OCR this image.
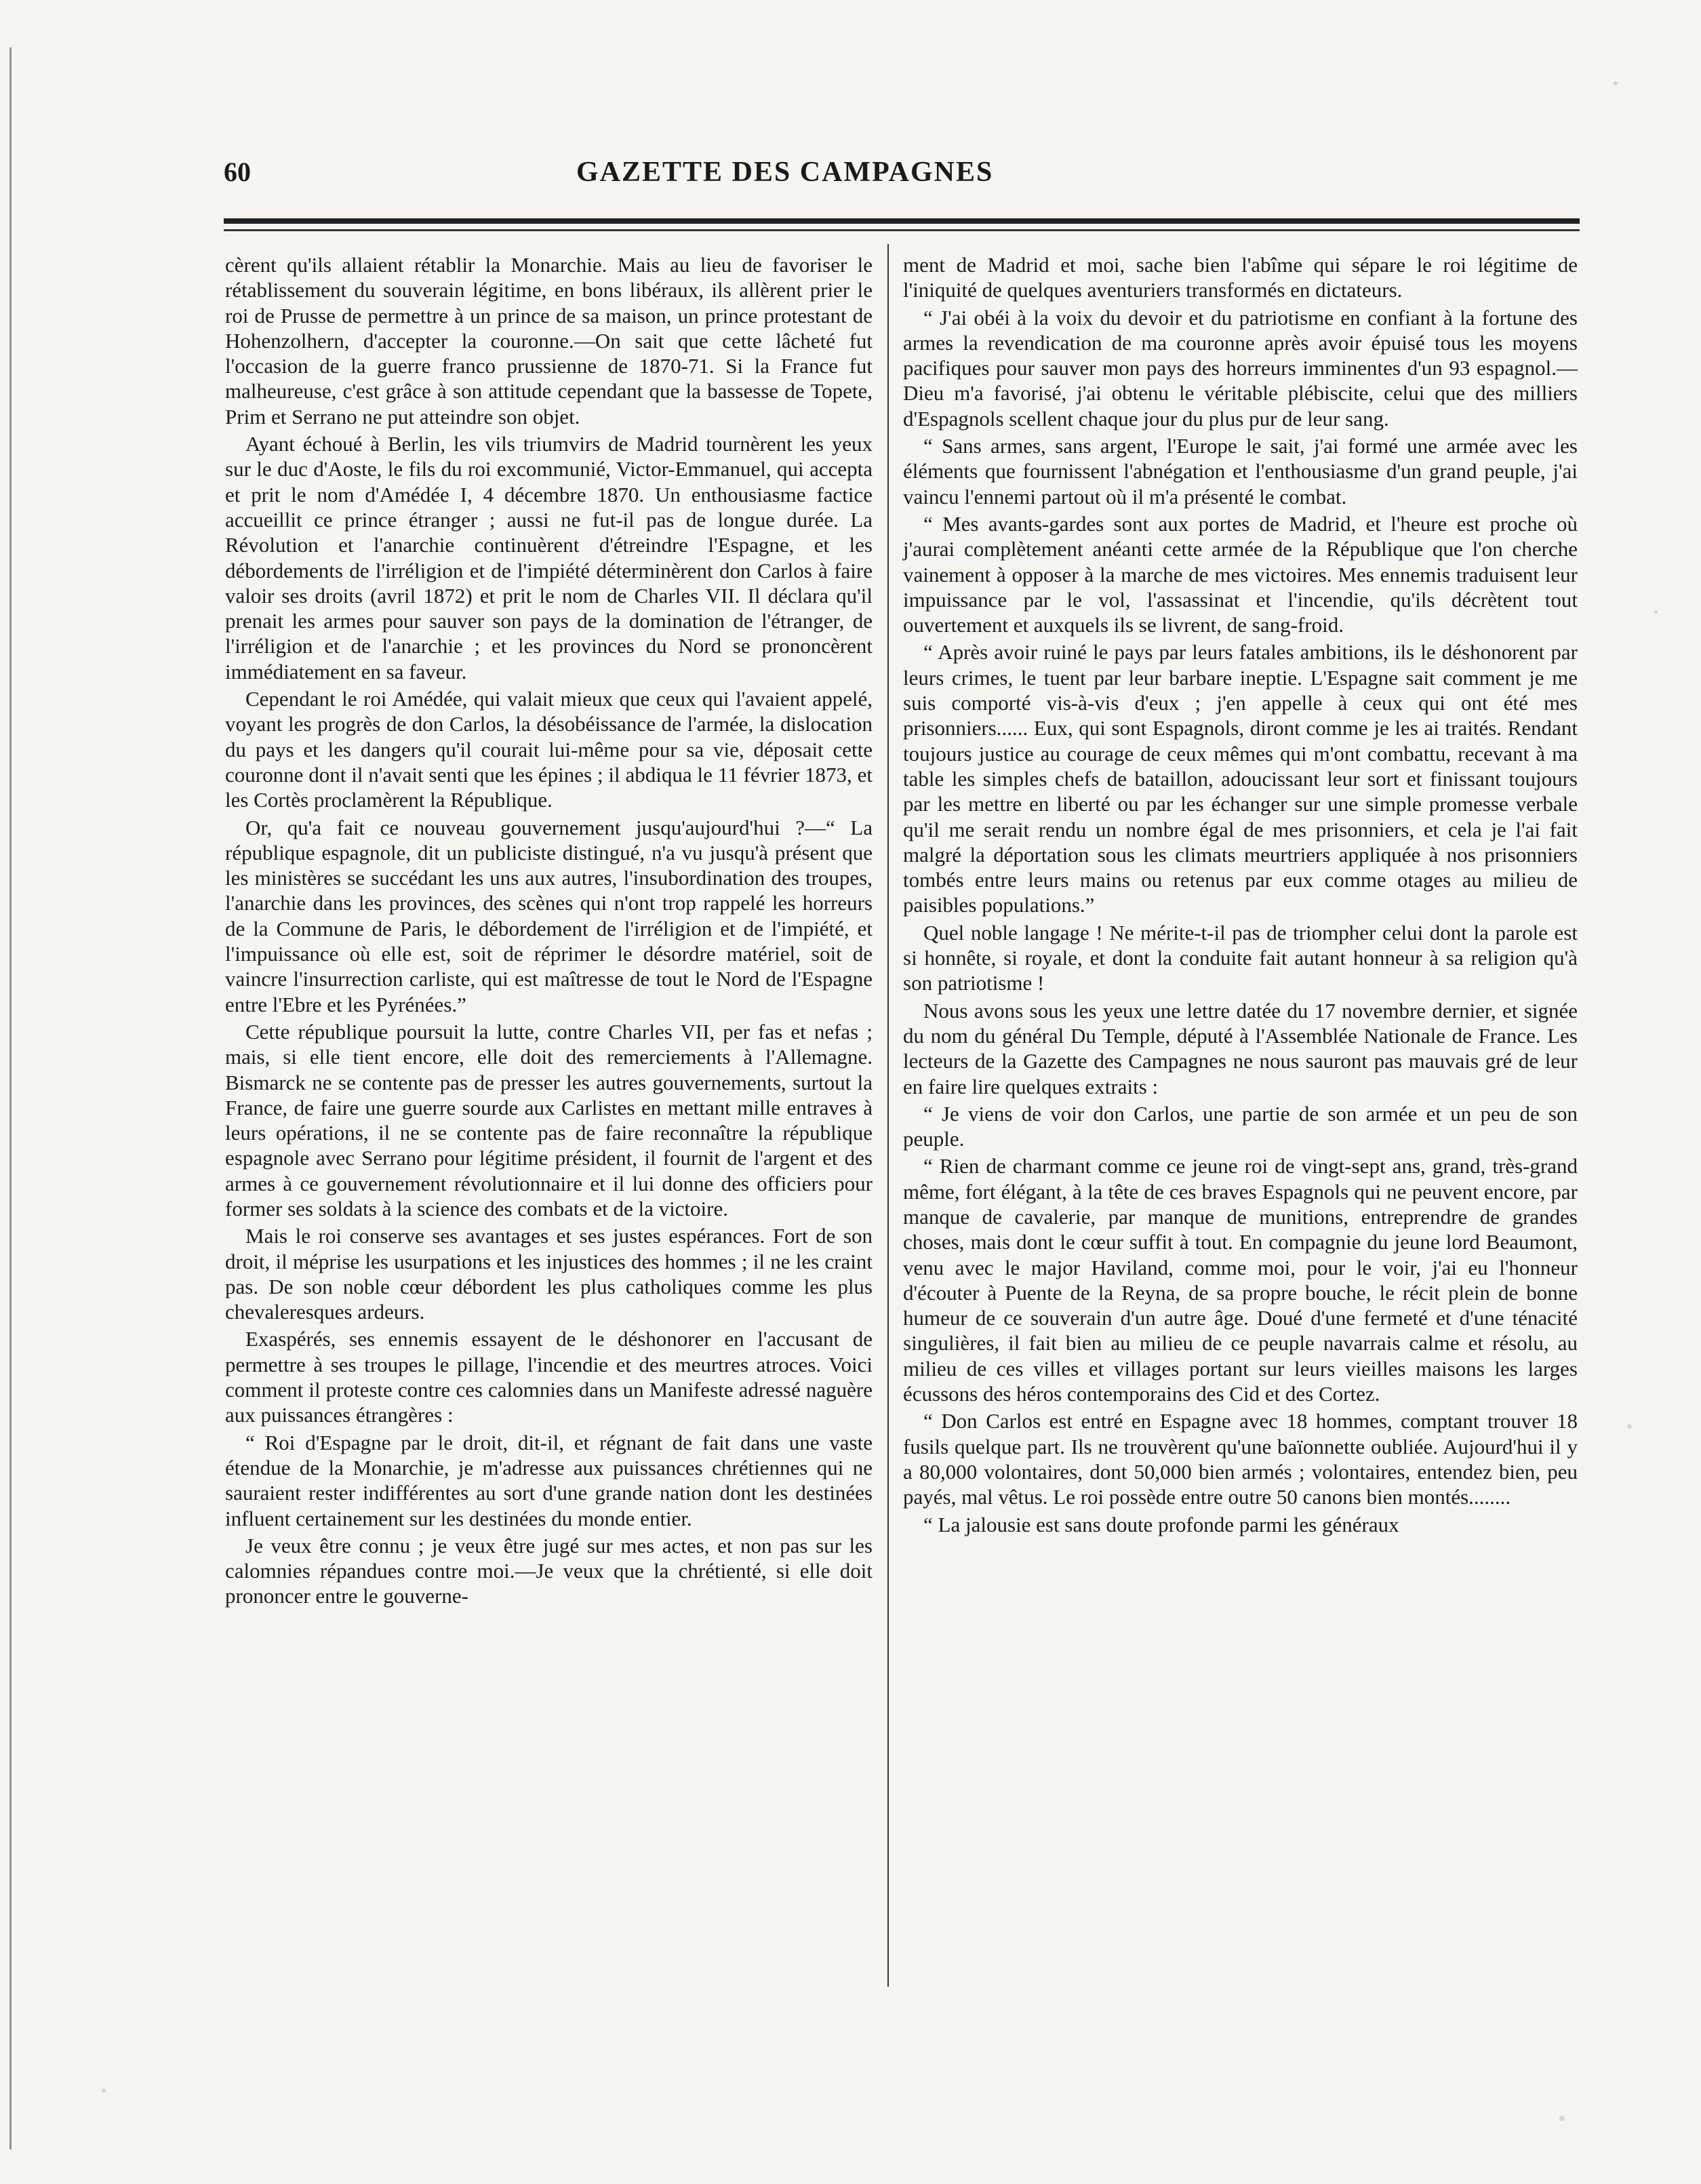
60	GAZETTE DES CAMPAGNES

cèrent qu'ils allaient rétablir la Monarchie. Mais au lieu de favoriser le rétablissement du souverain légitime, en bons libéraux, ils allèrent prier le roi de Prusse de permettre à un prince de sa maison, un prince protestant de Hohenzolhern, d'accepter la couronne.—On sait que cette lâcheté fut l'occasion de la guerre franco prussienne de 1870-71. Si la France fut malheureuse, c'est grâce à son attitude cependant que la bassesse de Topete, Prim et Serrano ne put atteindre son objet.

Ayant échoué à Berlin, les vils triumvirs de Madrid tournèrent les yeux sur le duc d'Aoste, le fils du roi excommunié, Victor-Emmanuel, qui accepta et prit le nom d'Amédée I, 4 décembre 1870. Un enthousiasme factice accueillit ce prince étranger ; aussi ne fut-il pas de longue durée. La Révolution et l'anarchie continuèrent d'étreindre l'Espagne, et les débordements de l'irréligion et de l'impiété déterminèrent don Carlos à faire valoir ses droits (avril 1872) et prit le nom de Charles VII. Il déclara qu'il prenait les armes pour sauver son pays de la domination de l'étranger, de l'irréligion et de l'anarchie ; et les provinces du Nord se prononcèrent immédiatement en sa faveur.

Cependant le roi Amédée, qui valait mieux que ceux qui l'avaient appelé, voyant les progrès de don Carlos, la désobéissance de l'armée, la dislocation du pays et les dangers qu'il courait lui-même pour sa vie, déposait cette couronne dont il n'avait senti que les épines ; il abdiqua le 11 février 1873, et les Cortès proclamèrent la République.

Or, qu'a fait ce nouveau gouvernement jusqu'aujourd'hui ?—“ La république espagnole, dit un publiciste distingué, n'a vu jusqu'à présent que les ministères se succédant les uns aux autres, l'insubordination des troupes, l'anarchie dans les provinces, des scènes qui n'ont trop rappelé les horreurs de la Commune de Paris, le débordement de l'irréligion et de l'impiété, et l'impuissance où elle est, soit de réprimer le désordre matériel, soit de vaincre l'insurrection carliste, qui est maîtresse de tout le Nord de l'Espagne entre l'Ebre et les Pyrénées.”

Cette république poursuit la lutte, contre Charles VII, per fas et nefas ; mais, si elle tient encore, elle doit des remerciements à l'Allemagne. Bismarck ne se contente pas de presser les autres gouvernements, surtout la France, de faire une guerre sourde aux Carlistes en mettant mille entraves à leurs opérations, il ne se contente pas de faire reconnaître la république espagnole avec Serrano pour légitime président, il fournit de l'argent et des armes à ce gouvernement révolutionnaire et il lui donne des officiers pour former ses soldats à la science des combats et de la victoire.

Mais le roi conserve ses avantages et ses justes espérances. Fort de son droit, il méprise les usurpations et les injustices des hommes ; il ne les craint pas. De son noble cœur débordent les plus catholiques comme les plus chevaleresques ardeurs.

Exaspérés, ses ennemis essayent de le déshonorer en l'accusant de permettre à ses troupes le pillage, l'incendie et des meurtres atroces. Voici comment il proteste contre ces calomnies dans un Manifeste adressé naguère aux puissances étrangères :

“ Roi d'Espagne par le droit, dit-il, et régnant de fait dans une vaste étendue de la Monarchie, je m'adresse aux puissances chrétiennes qui ne sauraient rester indifférentes au sort d'une grande nation dont les destinées influent certainement sur les destinées du monde entier.

Je veux être connu ; je veux être jugé sur mes actes, et non pas sur les calomnies répandues contre moi.—Je veux que la chrétienté, si elle doit prononcer entre le gouverne-

ment de Madrid et moi, sache bien l'abîme qui sépare le roi légitime de l'iniquité de quelques aventuriers transformés en dictateurs.

“ J'ai obéi à la voix du devoir et du patriotisme en confiant à la fortune des armes la revendication de ma couronne après avoir épuisé tous les moyens pacifiques pour sauver mon pays des horreurs imminentes d'un 93 espagnol.—Dieu m'a favorisé, j'ai obtenu le véritable plébiscite, celui que des milliers d'Espagnols scellent chaque jour du plus pur de leur sang.

“ Sans armes, sans argent, l'Europe le sait, j'ai formé une armée avec les éléments que fournissent l'abnégation et l'enthousiasme d'un grand peuple, j'ai vaincu l'ennemi partout où il m'a présenté le combat.

“ Mes avants-gardes sont aux portes de Madrid, et l'heure est proche où j'aurai complètement anéanti cette armée de la République que l'on cherche vainement à opposer à la marche de mes victoires. Mes ennemis traduisent leur impuissance par le vol, l'assassinat et l'incendie, qu'ils décrètent tout ouvertement et auxquels ils se livrent, de sang-froid.

“ Après avoir ruiné le pays par leurs fatales ambitions, ils le déshonorent par leurs crimes, le tuent par leur barbare ineptie. L'Espagne sait comment je me suis comporté vis-à-vis d'eux ; j'en appelle à ceux qui ont été mes prisonniers...... Eux, qui sont Espagnols, diront comme je les ai traités. Rendant toujours justice au courage de ceux mêmes qui m'ont combattu, recevant à ma table les simples chefs de bataillon, adoucissant leur sort et finissant toujours par les mettre en liberté ou par les échanger sur une simple promesse verbale qu'il me serait rendu un nombre égal de mes prisonniers, et cela je l'ai fait malgré la déportation sous les climats meurtriers appliquée à nos prisonniers tombés entre leurs mains ou retenus par eux comme otages au milieu de paisibles populations.”

Quel noble langage ! Ne mérite-t-il pas de triompher celui dont la parole est si honnête, si royale, et dont la conduite fait autant honneur à sa religion qu'à son patriotisme !

Nous avons sous les yeux une lettre datée du 17 novembre dernier, et signée du nom du général Du Temple, député à l'Assemblée Nationale de France. Les lecteurs de la Gazette des Campagnes ne nous sauront pas mauvais gré de leur en faire lire quelques extraits :

“ Je viens de voir don Carlos, une partie de son armée et un peu de son peuple.

“ Rien de charmant comme ce jeune roi de vingt-sept ans, grand, très-grand même, fort élégant, à la tête de ces braves Espagnols qui ne peuvent encore, par manque de cavalerie, par manque de munitions, entreprendre de grandes choses, mais dont le cœur suffit à tout. En compagnie du jeune lord Beaumont, venu avec le major Haviland, comme moi, pour le voir, j'ai eu l'honneur d'écouter à Puente de la Reyna, de sa propre bouche, le récit plein de bonne humeur de ce souverain d'un autre âge. Doué d'une fermeté et d'une ténacité singulières, il fait bien au milieu de ce peuple navarrais calme et résolu, au milieu de ces villes et villages portant sur leurs vieilles maisons les larges écussons des héros contemporains des Cid et des Cortez.

“ Don Carlos est entré en Espagne avec 18 hommes, comptant trouver 18 fusils quelque part. Ils ne trouvèrent qu'une baïonnette oubliée. Aujourd'hui il y a 80,000 volontaires, dont 50,000 bien armés ; volontaires, entendez bien, peu payés, mal vêtus. Le roi possède entre outre 50 canons bien montés........

“ La jalousie est sans doute profonde parmi les généraux
